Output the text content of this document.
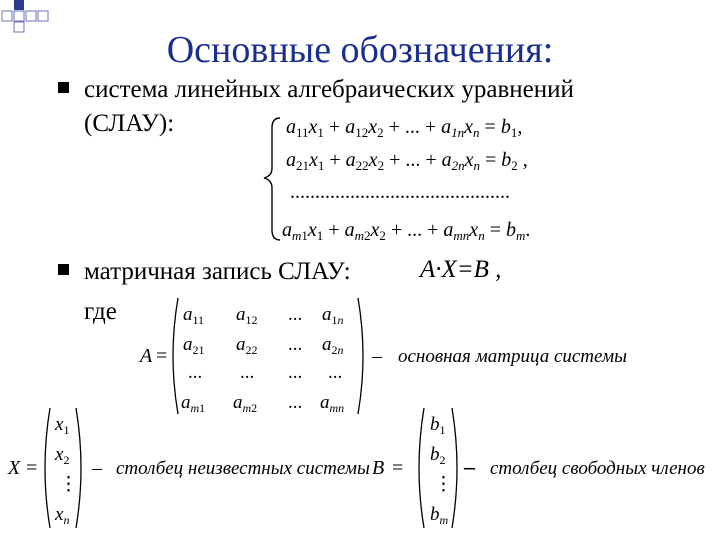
Основные обозначения:
система линейных алгебраических уравнений
(СЛАУ):	$a_{11}x_1 + a_{12}x_2$ + ... + $a_{1n}x_n = b_1$,
$a_{21}x_1 + a_{22}x_2$ + ... + $a_{2n}x_n = b_2$ ,
............................................
$a_m1x_1 + a_m2x_2$ + ... + $a_{mn}x_n = b_m$.
матричная запись СЛАУ:
где
A·X=B ,
A =
$a_{11}$ $a_{12}$ ... $a_1n$
$a_{21}$ $a_{22}$ ... $a_2n$
... ... ... ...
$a_m1$ $a_m2$ ... $a_{mn}$
– основная матрица системы
X =
$x_1$
$x_2$
⋮
$x_n$
– столбец неизвестных системы B =
$b_1$
$b_2$
⋮
$b_m$
– столбец свободных членов
